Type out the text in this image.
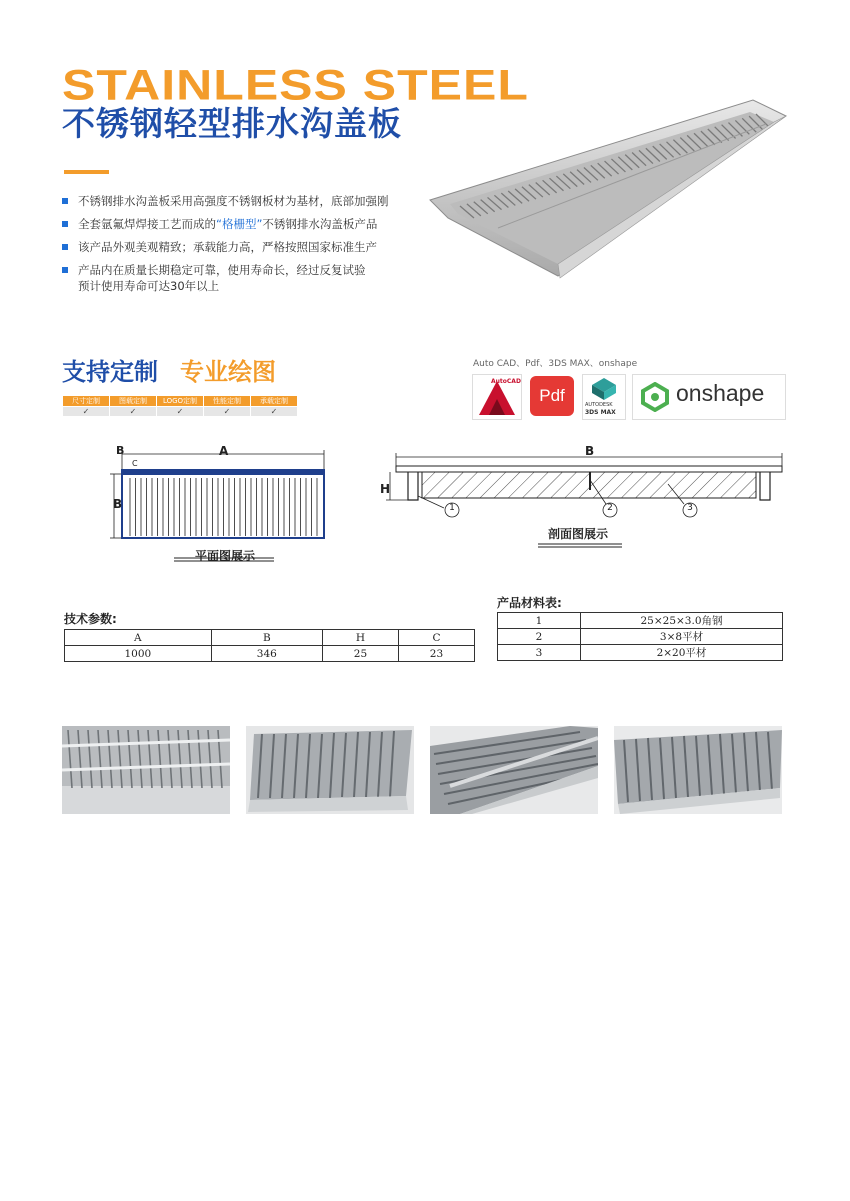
STAINLESS STEEL
不锈钢轻型排水沟盖板
不锈钢排水沟盖板采用高强度不锈钢板材为基材，底部加强刚
全套氩氟焊焊接工艺而成的“格栅型”不锈钢排水沟盖板产品
该产品外观美观精致；承载能力高，严格按照国家标准生产
产品内在质量长期稳定可靠，使用寿命长，经过反复试验
预计使用寿命可达30年以上
支持定制 专业绘图
尺寸定制	图载定制	LOGO定制	性能定制	承载定制
✓	✓	✓	✓	✓
Auto CAD、Pdf、3DS MAX、onshape
AutoCAD
Pdf	AUTODESK
3DS MAX
onshape
B
B
A
C
平面图展示
B
H
1	2	3
剖面图展示
技术参数:
A	B	H	C
1000	346	25	23
产品材料表:
1	25×25×3.0角钢
2	3×8平材
3	2×20平材
